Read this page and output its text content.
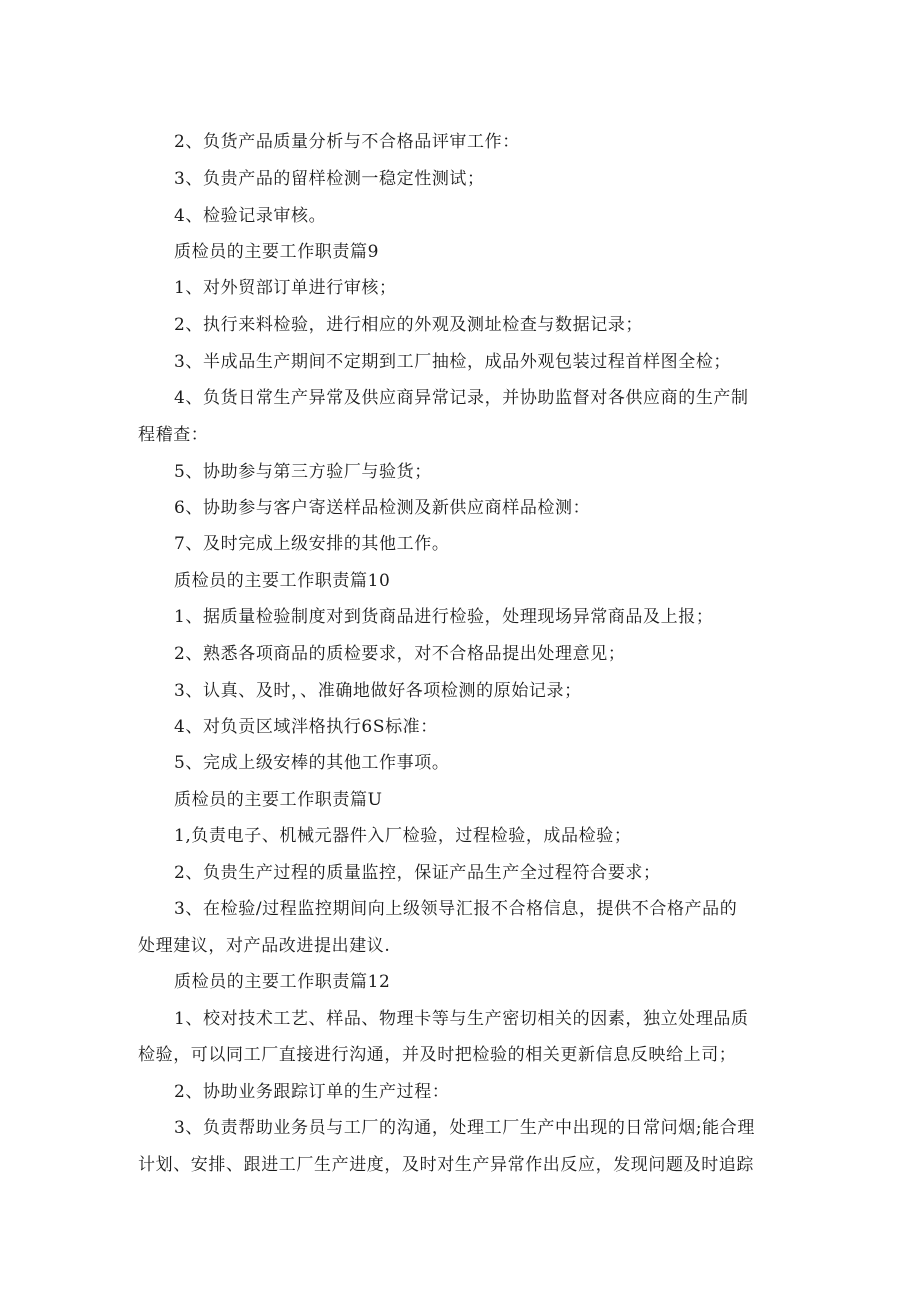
2、负货产品质量分析与不合格品评审工作：
3、负贵产品的留样检测一稳定性测试；
4、检验记录审核。
质检员的主要工作职责篇9
1、对外贸部订单进行审核；
2、执行来料检验，进行相应的外观及测址检查与数据记录；
3、半成品生产期间不定期到工厂抽检，成品外观包装过程首样图全检；
4、负货日常生产异常及供应商异常记录，并协助监督对各供应商的生产制
程稽查：
5、协助参与第三方验厂与验货；
6、协助参与客户寄送样品检测及新供应商样品检测：
7、及时完成上级安排的其他工作。
质检员的主要工作职责篇10
1、据质量检验制度对到货商品进行检验，处理现场异常商品及上报；
2、熟悉各项商品的质检要求，对不合格品提出处理意见；
3、认真、及时，、准确地做好各项检测的原始记录；
4、对负贡区域泮格执行6S标准：
5、完成上级安棒的其他工作事项。
质检员的主要工作职责篇U
1,负责电子、机械元器件入厂检验，过程检验，成品检验；
2、负贵生产过程的质量监控，保证产品生产全过程符合要求；
3、在检验/过程监控期间向上级领导汇报不合格信息，提供不合格产品的
处理建议，对产品改进提出建议.
质检员的主要工作职责篇12
1、校对技术工艺、样品、物理卡等与生产密切相关的因素，独立处理品质
检验，可以同工厂直接进行沟通，并及时把检验的相关更新信息反映给上司；
2、协助业务跟踪订单的生产过程：
3、负责帮助业务员与工厂的沟通，处理工厂生产中出现的日常问烟;能合理
计划、安排、跟进工厂生产进度，及时对生产异常作出反应，发现问题及时追踪
